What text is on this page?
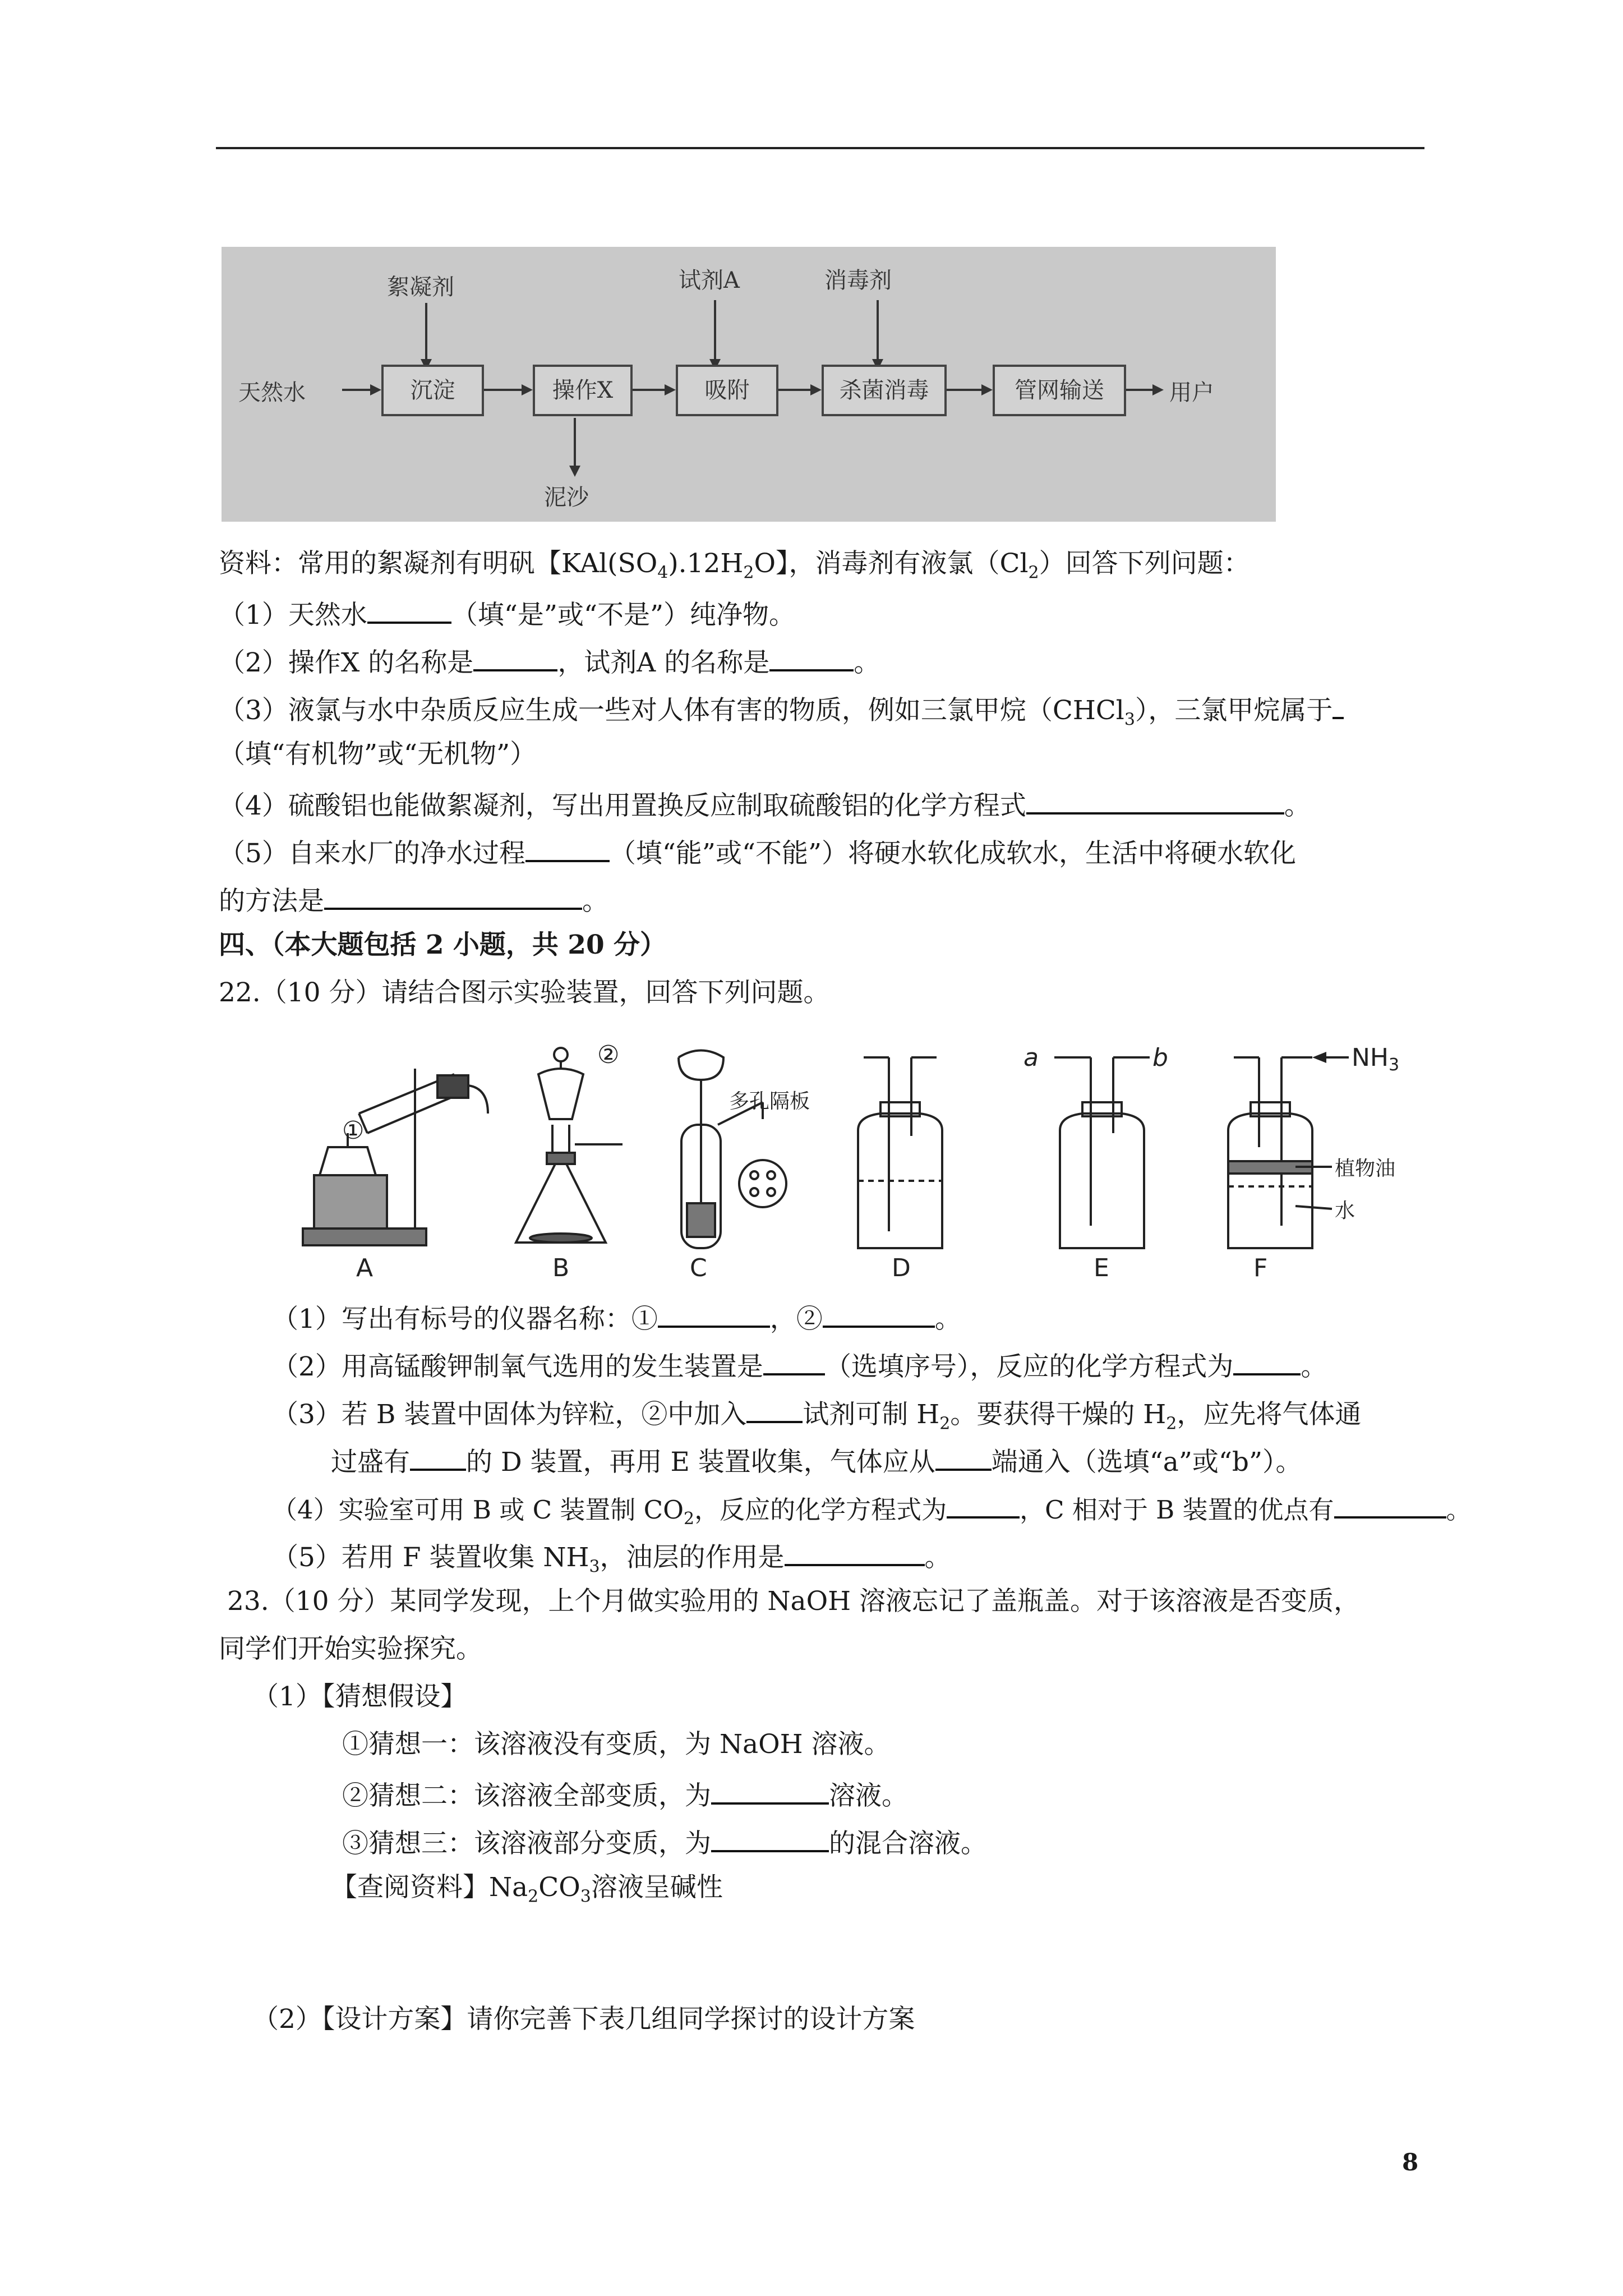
天然水	沉淀	操作X	吸附	杀菌消毒	管网输送	用户
絮凝剂	试剂A	消毒剂
泥沙
资料：常用的絮凝剂有明矾【$KAl(SO_4).12H_2O$】，消毒剂有液氯$(Cl_2)$回答下列问题：
（1）天然水	（填“是”或“不是”）纯净物。
（2）操作X 的名称是	，试剂A 的名称是	。
（3）液氯与水中杂质反应生成一些对人体有害的物质，例如三氯甲烷（CHCl$_3$），三氯甲烷属于
（填“有机物”或“无机物”）
（4）硫酸铝也能做絮凝剂，写出用置换反应制取硫酸铝的化学方程式	。
（5）自来水厂的净水过程	（填“能”或“不能”）将硬水软化成软水，生活中将硬水软化
的方法是	。
四、（本大题包括 2 小题，共 20 分）
22.（10 分）请结合图示实验装置，回答下列问题。
①
②
多孔隔板
a	b	NH3
植物油
水
A	B	C	D	E	F
（1）写出有标号的仪器名称：①	，②	。
（2）用高锰酸钾制氧气选用的发生装置是 （选填序号），反应的化学方程式为	。
（3）若 B 装置中固体为锌粒，②中加入 试剂可制 $H_2$。要获得干燥的 $H_2$，应先将气体通
过盛有 的 D 装置，再用 E 装置收集，气体应从 端通入（选填“a”或“b”）。
（4）实验室可用 B 或 C 装置制 $CO_2$，反应的化学方程式为	，C 相对于 B 装置的优点有	。
（5）若用 F 装置收集 $NH_3$，油层的作用是	。
23.（10 分）某同学发现，上个月做实验用的 NaOH 溶液忘记了盖瓶盖。对于该溶液是否变质，
同学们开始实验探究。
（1）【猜想假设】
①猜想一：该溶液没有变质，为 NaOH 溶液。
②猜想二：该溶液全部变质，为	溶液。
③猜想三：该溶液部分变质，为	的混合溶液。
【查阅资料】$Na_2CO_3$溶液呈碱性
（2）【设计方案】请你完善下表几组同学探讨的设计方案
8
